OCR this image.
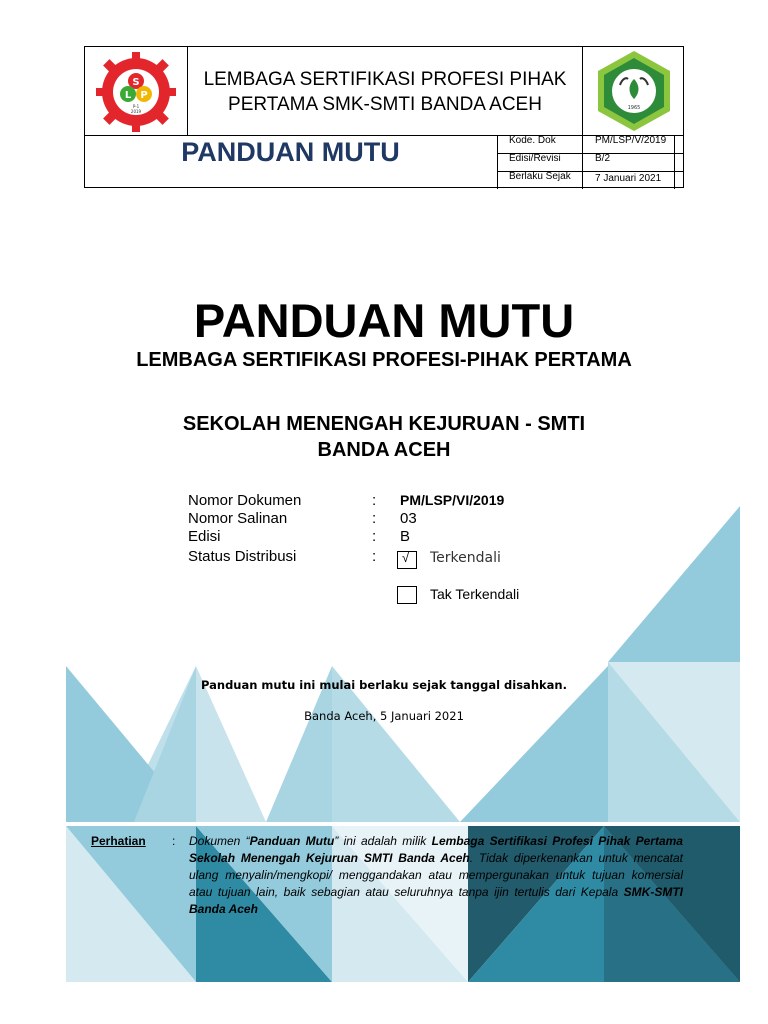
S
L P
P-1
2019
LEMBAGA SERTIFIKASI PROFESI PIHAK
PERTAMA SMK-SMTI BANDA ACEH	1965
PANDUAN MUTU	Kode. Dok	PM/LSP/V/2019
Edisi/Revisi	B/2
Berlaku Sejak 7 Januari 2021
PANDUAN MUTU
LEMBAGA SERTIFIKASI PROFESI-PIHAK PERTAMA
SEKOLAH MENENGAH KEJURUAN - SMTI
BANDA ACEH
Nomor Dokumen	: PM/LSP/VI/2019
Nomor Salinan	: 03
Edisi	: B
Status Distribusi	: √ Terkendali
Tak Terkendali
Panduan mutu ini mulai berlaku sejak tanggal disahkan.
Banda Aceh, 5 Januari 2021
Perhatian : Dokumen “Panduan Mutu” ini adalah milik Lembaga Sertifikasi Profesi Pihak Pertama Sekolah Menengah Kejuruan SMTI Banda Aceh. Tidak diperkenankan untuk mencatat ulang menyalin/mengkopi/ menggandakan atau mempergunakan untuk tujuan komersial atau tujuan lain, baik sebagian atau seluruhnya tanpa ijin tertulis dari Kepala SMK-SMTI Banda Aceh
